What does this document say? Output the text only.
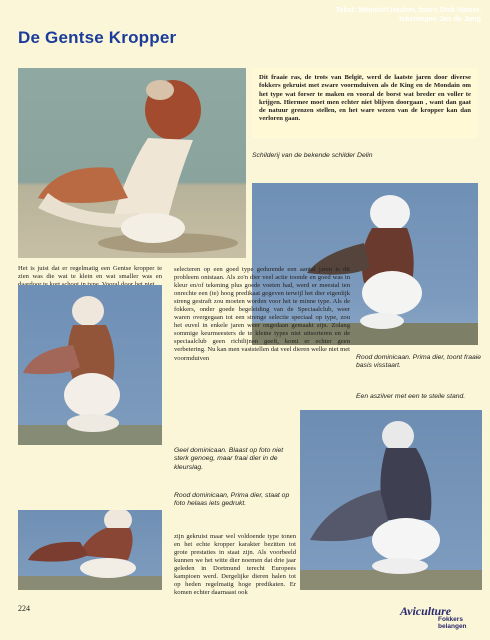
Tekst: Meindert Hauber, foto's Dick Hamer,
tekeningen Jan de Jong
De Gentse Kropper
Dit fraaie ras, de trots van België, werd de laatste jaren door diverse fokkers gekruist met zware voormduiven als de King en de Mondain om het type wat forser te maken en vooral de borst wat breder en voller te krijgen. Hiermee moet men echter niet blijven doorgaan , want dan gaat de natuur grenzen stellen, en het ware wezen van de kropper kan dan verloren gaan.
Schilderij van de bekende schilder Delin
Het is juist dat er regelmatig een Gentse kropper te zien was die wat te klein en wat smaller was en
selecteren op een goed type gedurende een aantal jaren is dit probleem ontstaan. Als zo'n dier veel actie toonde en goed was in kleur en/of tekening plus goede voeten had, werd er meestal ten onrechte een (te) hoog predikaat gegeven terwijl het dier eigenlijk streng gestraft zou moeten worden voor het te minne type. Als de fokkers, onder goede begeleiding van de Speciaalclub, weer waren overgegaan tot een strenge selectie speciaal op type, zou het euvel in enkele jaren weer ongedaan gemaakt zijn. Zolang sommige keurmeesters de te kleine types niet uitsorteren en de speciaalclub geen richtlijnen geeft, komt er echter geen verbetering. Nu kan men vaststellen dat veel dieren welke niet met voormduiven	Rood dominicaan. Prima dier, toont fraaie basis visstaart.
Een aszilver met een te steile stand.
Geel dominicaan. Blaast op foto niet sterk genoeg, maar fraai dier in de kleurslag.
Rood dominicaan, Prima dier, staat op foto helaas iets gedrukt.
zijn gekruist maar wel voldoende type tonen en het echte kropper karakter bezitten tot grote prestaties in staat zijn. Als voorbeeld kunnen we het witte dier noemen dat drie jaar geleden in Dortmund terecht Europees kampioen werd. Dergelijke dieren halen tot op heden regelmatig hoge predikaten. Er komen echter daarnaast ook
224	Aviculture
Fokkers
belangen
